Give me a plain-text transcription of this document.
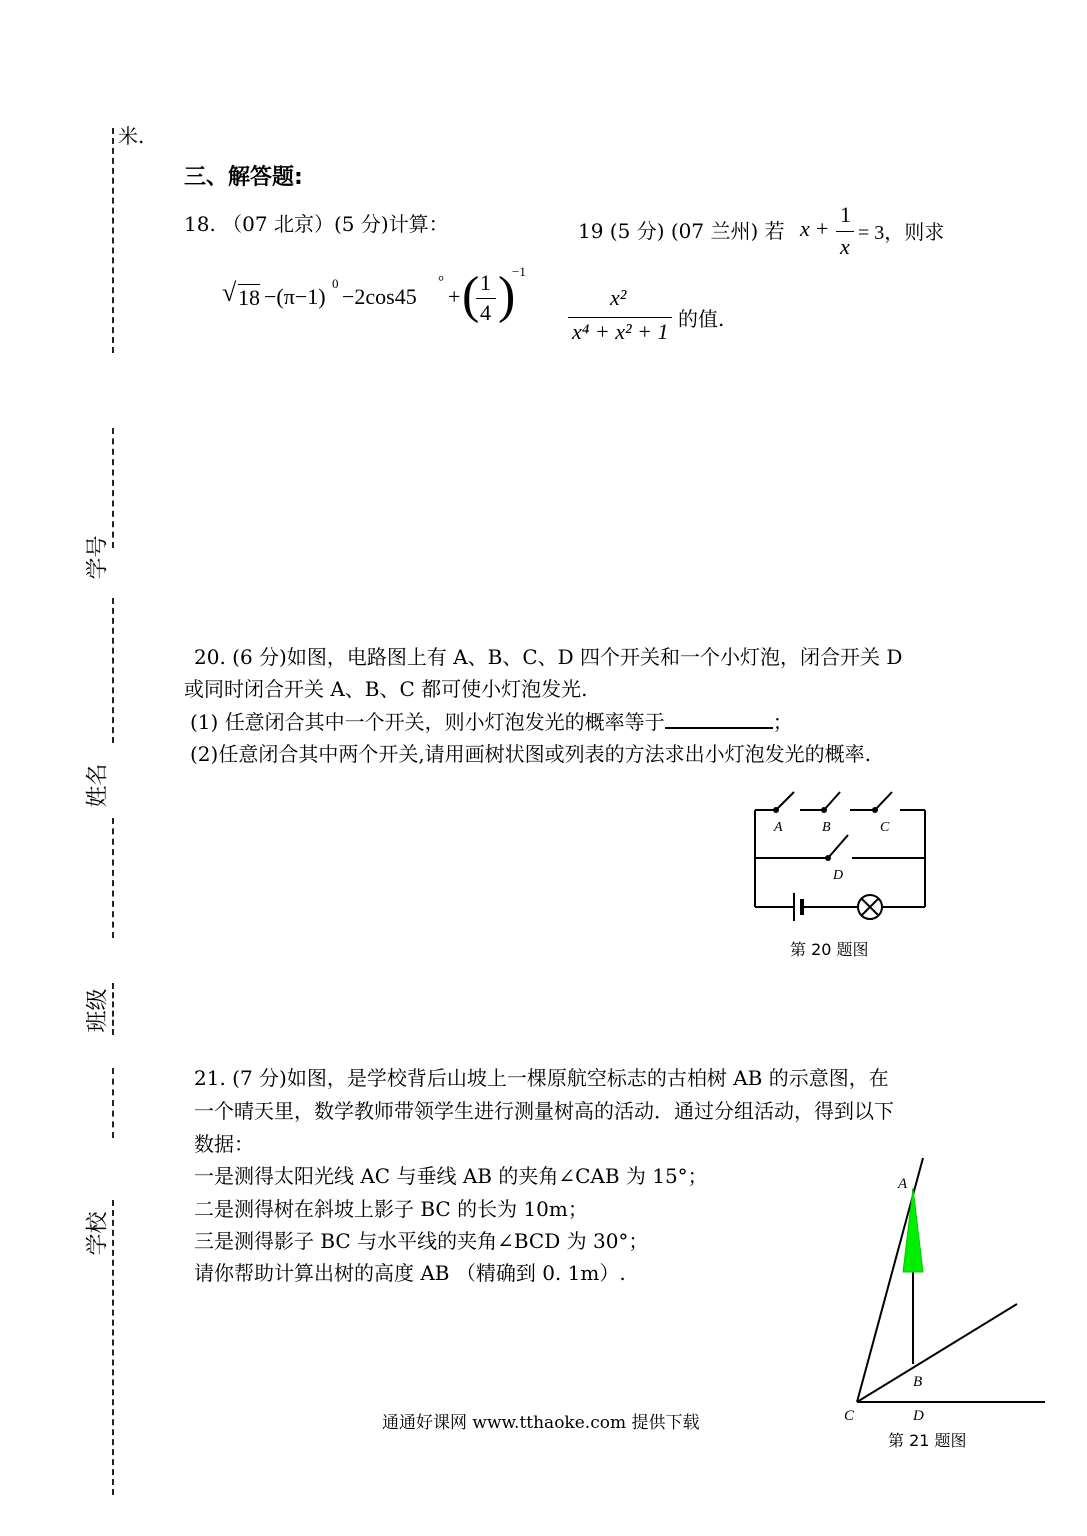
学号
姓名
班级
学校
米.
三、解答题:
18. （07 北京）(5 分)计算：
√ 18 −(π−1)
0
−2cos45
°
+ ( 1
4 )
−1
19 (5 分) (07 兰州) 若 x +
1
x
= 3，则求
x²
x⁴ + x² + 1 的值.
20. (6 分)如图，电路图上有 A、B、C、D 四个开关和一个小灯泡，闭合开关 D
或同时闭合开关 A、B、C 都可使小灯泡发光.
(1) 任意闭合其中一个开关，则小灯泡发光的概率等于	；
(2)任意闭合其中两个开关,请用画树状图或列表的方法求出小灯泡发光的概率.
A	B	C
D
第 20 题图
21. (7 分)如图，是学校背后山坡上一棵原航空标志的古柏树 AB 的示意图，在
一个晴天里，数学教师带领学生进行测量树高的活动．通过分组活动，得到以下
数据：
一是测得太阳光线 AC 与垂线 AB 的夹角∠CAB 为 15°；
二是测得树在斜坡上影子 BC 的长为 10m；
三是测得影子 BC 与水平线的夹角∠BCD 为 30°；
请你帮助计算出树的高度 AB （精确到 0. 1m）.
A
B
C	D
第 21 题图
通通好课网 www.tthaoke.com 提供下载
